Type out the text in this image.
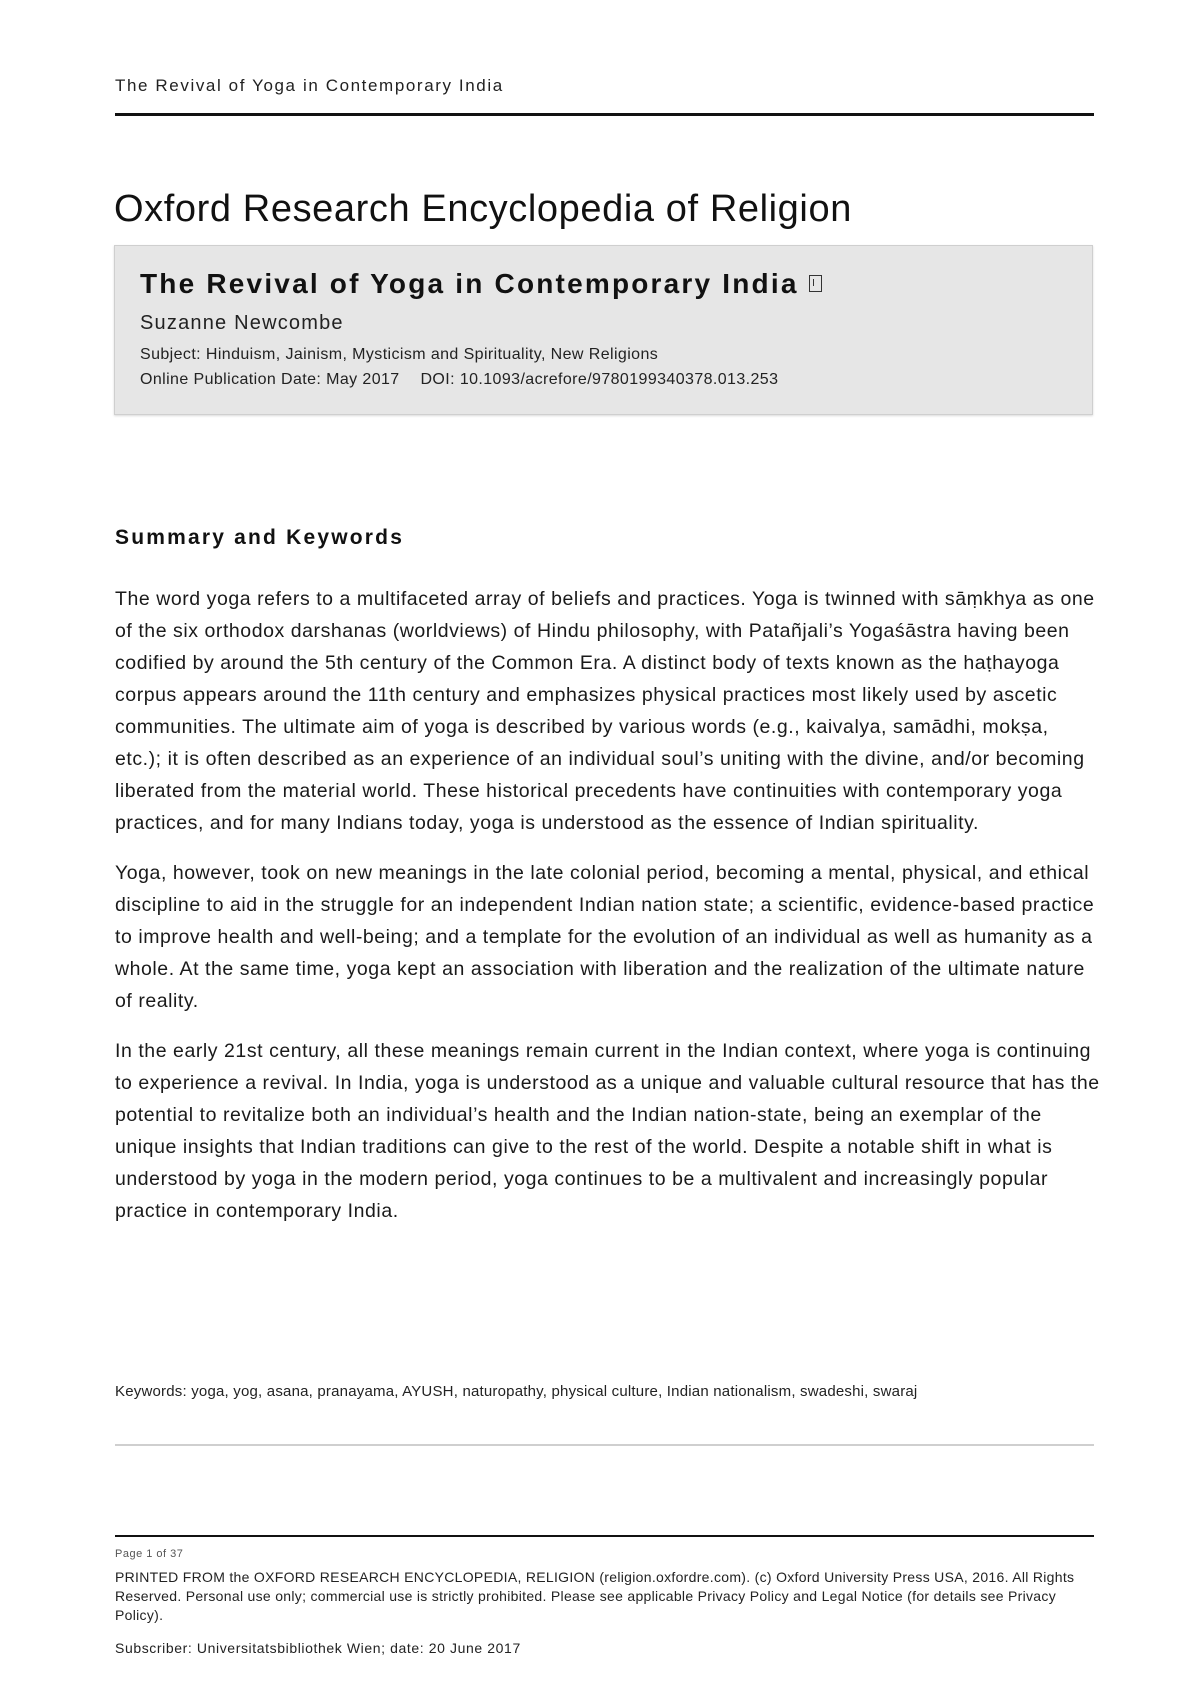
The Revival of Yoga in Contemporary India
Oxford Research Encyclopedia of Religion
The Revival of Yoga in Contemporary India
Suzanne Newcombe
Subject: Hinduism, Jainism, Mysticism and Spirituality, New Religions
Online Publication Date: May 2017 DOI: 10.1093/acrefore/9780199340378.013.253
Summary and Keywords

The word yoga refers to a multifaceted array of beliefs and practices. Yoga is twinned with sāṃkhya as one of the six orthodox darshanas (worldviews) of Hindu philosophy, with Patañjali’s Yogaśāstra having been codified by around the 5th century of the Common Era. A distinct body of texts known as the haṭhayoga corpus appears around the 11th century and emphasizes physical practices most likely used by ascetic communities. The ultimate aim of yoga is described by various words (e.g., kaivalya, samādhi, mokṣa, etc.); it is often described as an experience of an individual soul’s uniting with the divine, and/or becoming liberated from the material world. These historical precedents have continuities with contemporary yoga practices, and for many Indians today, yoga is understood as the essence of Indian spirituality.

Yoga, however, took on new meanings in the late colonial period, becoming a mental, physical, and ethical discipline to aid in the struggle for an independent Indian nation state; a scientific, evidence-based practice to improve health and well-being; and a template for the evolution of an individual as well as humanity as a whole. At the same time, yoga kept an association with liberation and the realization of the ultimate nature of reality.

In the early 21st century, all these meanings remain current in the Indian context, where yoga is continuing to experience a revival. In India, yoga is understood as a unique and valuable cultural resource that has the potential to revitalize both an individual’s health and the Indian nation-state, being an exemplar of the unique insights that Indian traditions can give to the rest of the world. Despite a notable shift in what is understood by yoga in the modern period, yoga continues to be a multivalent and increasingly popular practice in contemporary India.

Keywords: yoga, yog, asana, pranayama, AYUSH, naturopathy, physical culture, Indian nationalism, swadeshi, swaraj
Page 1 of 37
PRINTED FROM the OXFORD RESEARCH ENCYCLOPEDIA, RELIGION (religion.oxfordre.com). (c) Oxford University Press USA, 2016. All Rights Reserved. Personal use only; commercial use is strictly prohibited. Please see applicable Privacy Policy and Legal Notice (for details see Privacy Policy).
Subscriber: Universitatsbibliothek Wien; date: 20 June 2017
